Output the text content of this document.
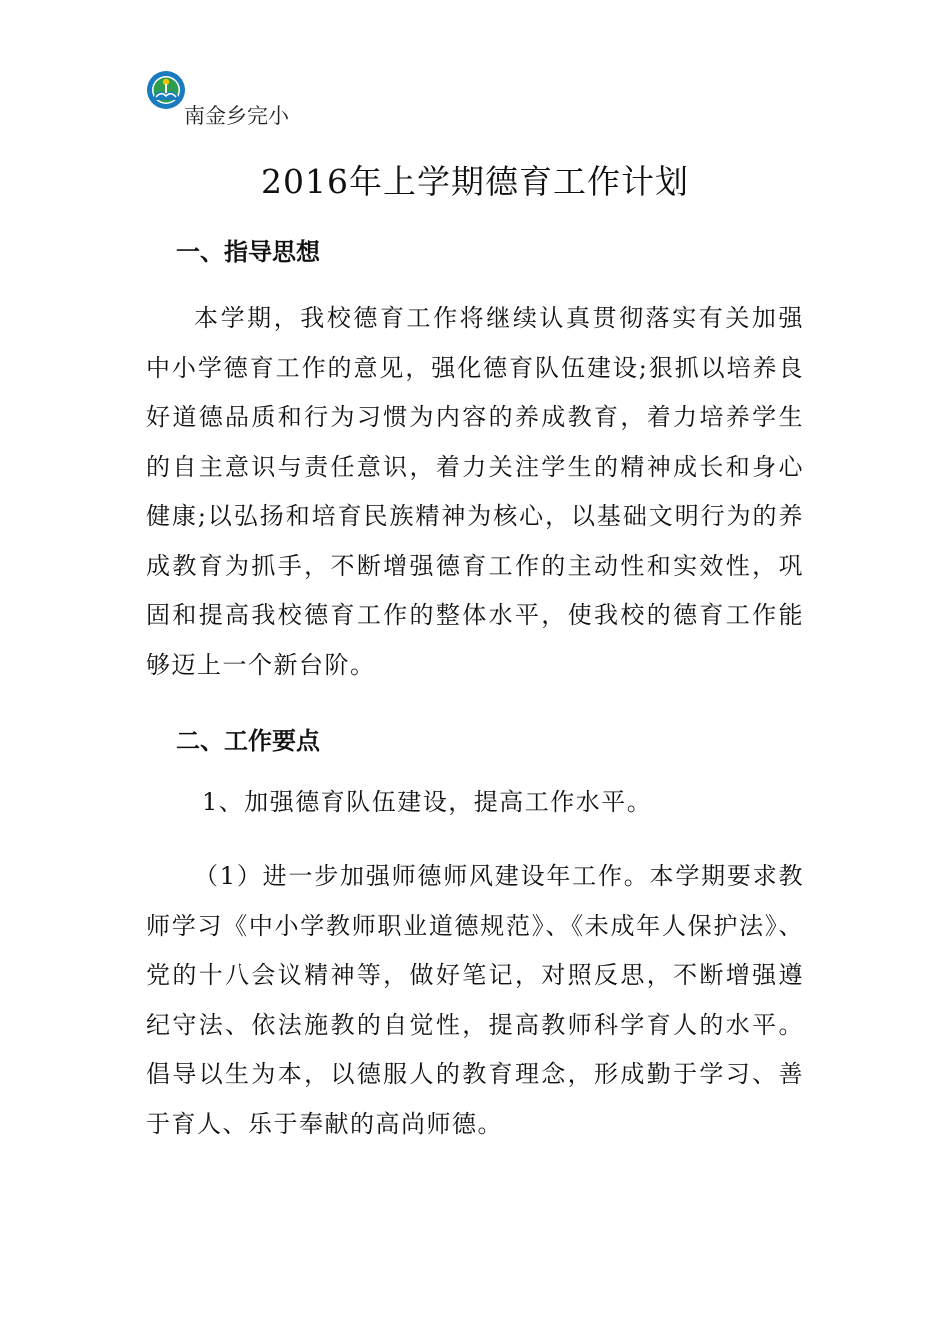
南金乡完小
2016年上学期德育工作计划
一、指导思想

本学期，我校德育工作将继续认真贯彻落实有关加强中小学德育工作的意见，强化德育队伍建设;狠抓以培养良好道德品质和行为习惯为内容的养成教育，着力培养学生的自主意识与责任意识，着力关注学生的精神成长和身心健康;以弘扬和培育民族精神为核心，以基础文明行为的养成教育为抓手，不断增强德育工作的主动性和实效性，巩固和提高我校德育工作的整体水平，使我校的德育工作能够迈上一个新台阶。

二、工作要点
1、加强德育队伍建设，提高工作水平。

（1）进一步加强师德师风建设年工作。本学期要求教师学习《中小学教师职业道德规范》、《未成年人保护法》、党的十八会议精神等，做好笔记，对照反思，不断增强遵纪守法、依法施教的自觉性，提高教师科学育人的水平。倡导以生为本，以德服人的教育理念，形成勤于学习、善于育人、乐于奉献的高尚师德。
